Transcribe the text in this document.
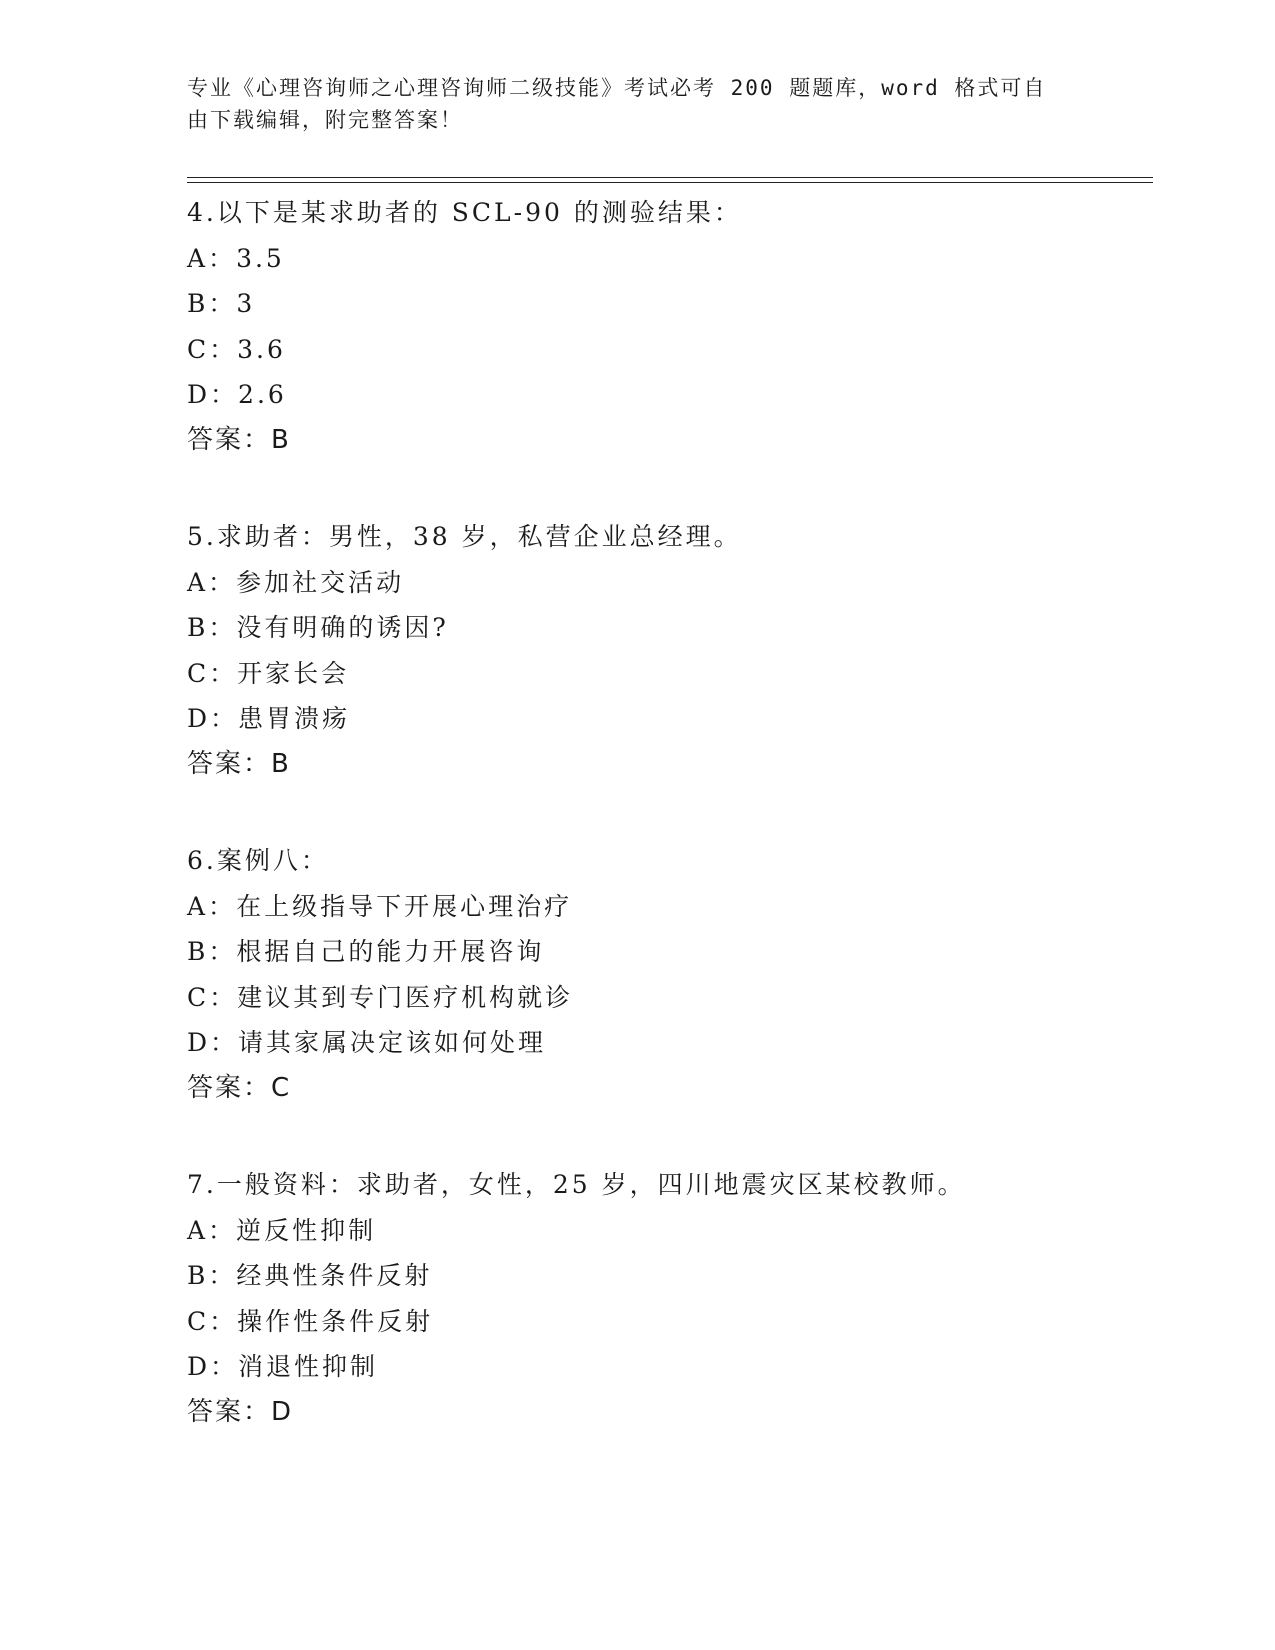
专业《心理咨询师之心理咨询师二级技能》考试必考 200 题题库，word 格式可自
由下载编辑，附完整答案！
4.以下是某求助者的 SCL-90 的测验结果：
A：3.5
B：3
C：3.6
D：2.6
答案：B
5.求助者：男性，38 岁，私营企业总经理。
A：参加社交活动
B：没有明确的诱因?
C：开家长会
D：患胃溃疡
答案：B
6.案例八：
A：在上级指导下开展心理治疗
B：根据自己的能力开展咨询
C：建议其到专门医疗机构就诊
D：请其家属决定该如何处理
答案：C
7.一般资料：求助者，女性，25 岁，四川地震灾区某校教师。
A：逆反性抑制
B：经典性条件反射
C：操作性条件反射
D：消退性抑制
答案：D
